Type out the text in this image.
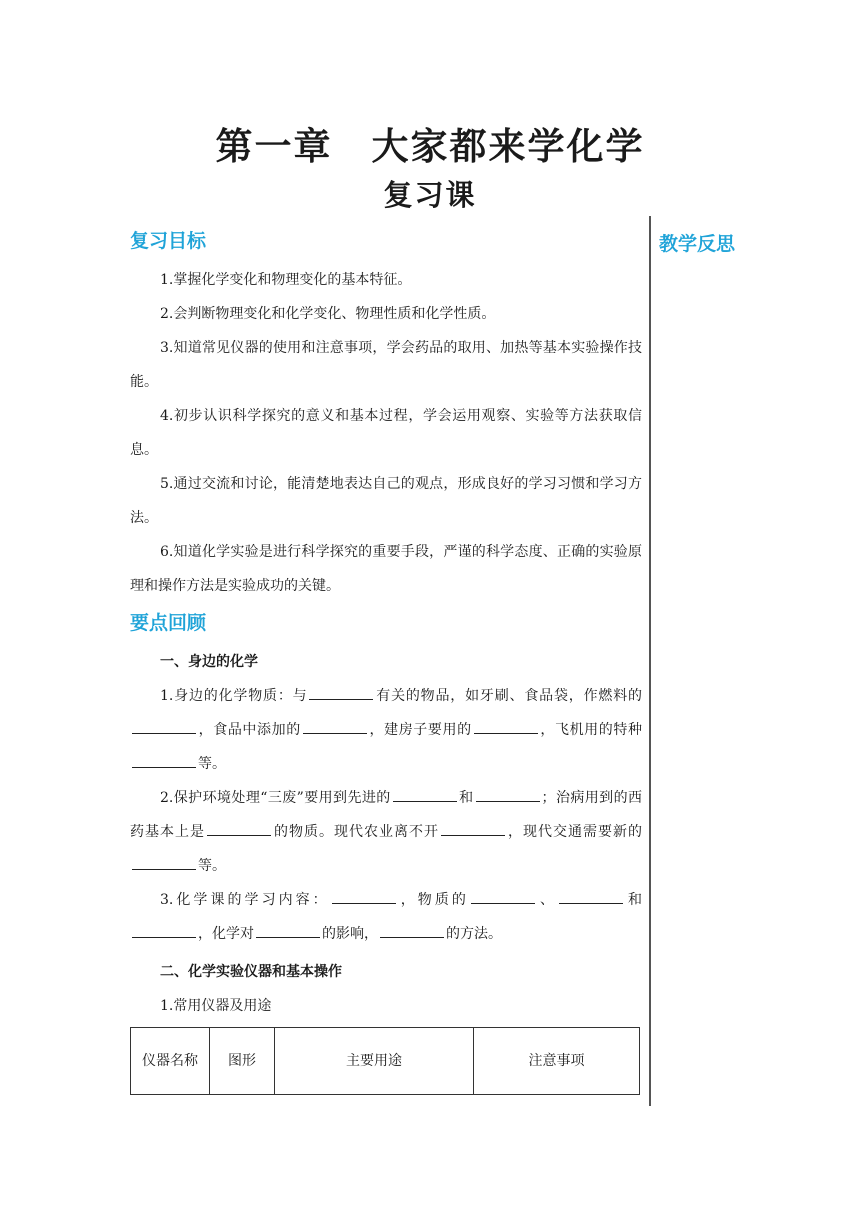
第一章　大家都来学化学
复习课
教学反思
复习目标
1.掌握化学变化和物理变化的基本特征。
2.会判断物理变化和化学变化、物理性质和化学性质。
3.知道常见仪器的使用和注意事项，学会药品的取用、加热等基本实验操作技能。
4.初步认识科学探究的意义和基本过程，学会运用观察、实验等方法获取信息。
5.通过交流和讨论，能清楚地表达自己的观点，形成良好的学习习惯和学习方法。
6.知道化学实验是进行科学探究的重要手段，严谨的科学态度、正确的实验原理和操作方法是实验成功的关键。
要点回顾
一、身边的化学
1.身边的化学物质：与	有关的物品，如牙刷、食品袋，作燃料的，食品中添加的	，建房子要用的	，飞机用的特种等。
2.保护环境处理“三废”要用到先进的	和	；治病用到的西药基本上是	的物质。现代农业离不开	，现代交通需要新的等。
3.化学课的学习内容：	，物质的	、	和，化学对	的影响，	的方法。
二、化学实验仪器和基本操作
1.常用仪器及用途
仪器名称	图形	主要用途	注意事项
